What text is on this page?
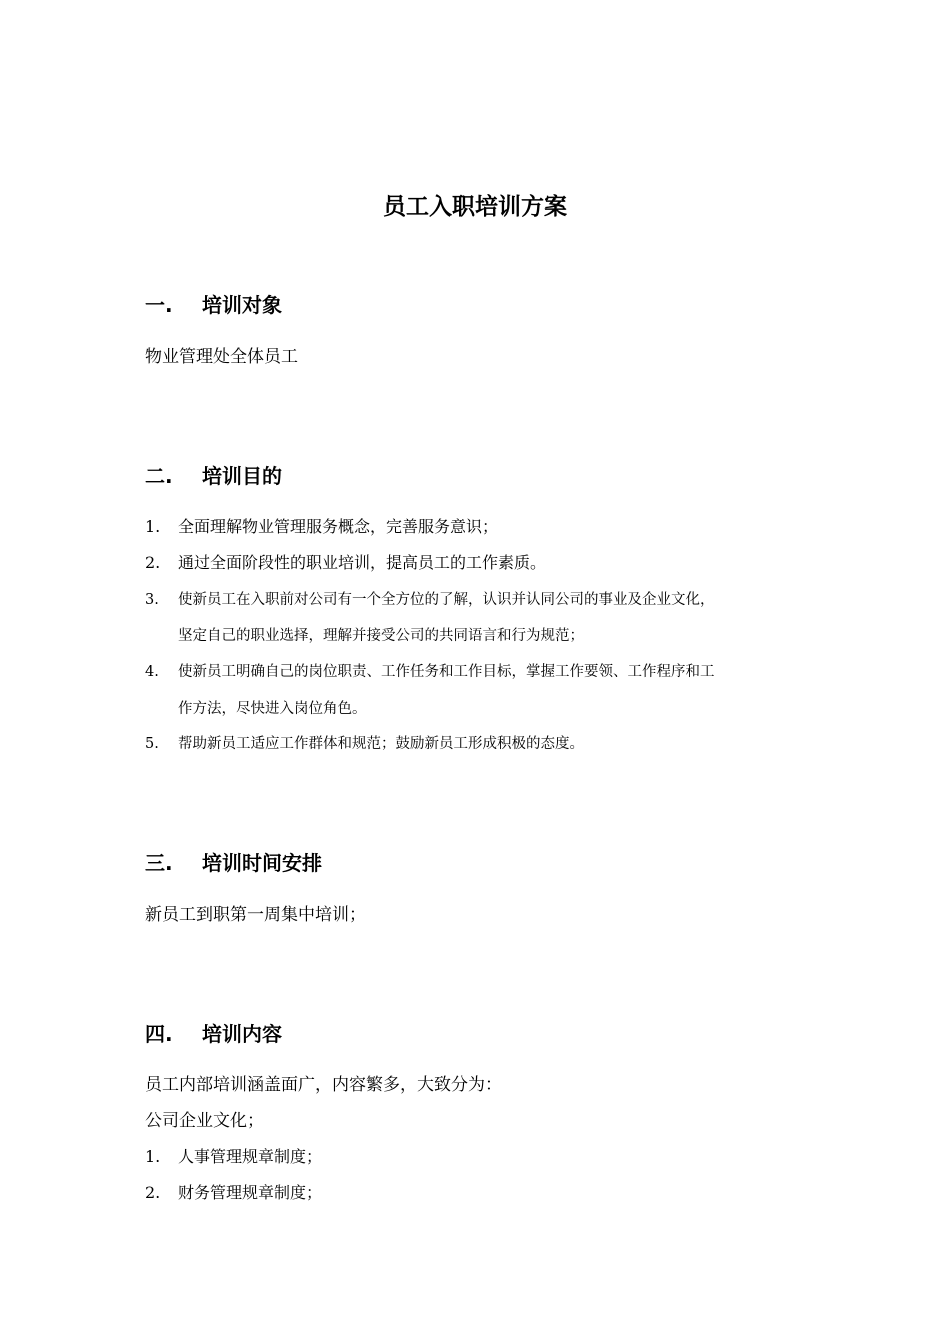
员工入职培训方案
一. 培训对象
物业管理处全体员工
二. 培训目的
1. 全面理解物业管理服务概念，完善服务意识；
2. 通过全面阶段性的职业培训，提高员工的工作素质。
3. 使新员工在入职前对公司有一个全方位的了解，认识并认同公司的事业及企业文化，
坚定自己的职业选择，理解并接受公司的共同语言和行为规范；
4. 使新员工明确自己的岗位职责、工作任务和工作目标，掌握工作要领、工作程序和工
作方法，尽快进入岗位角色。
5. 帮助新员工适应工作群体和规范；鼓励新员工形成积极的态度。
三. 培训时间安排
新员工到职第一周集中培训；
四. 培训内容
员工内部培训涵盖面广，内容繁多，大致分为：
公司企业文化；
1. 人事管理规章制度；
2. 财务管理规章制度；
